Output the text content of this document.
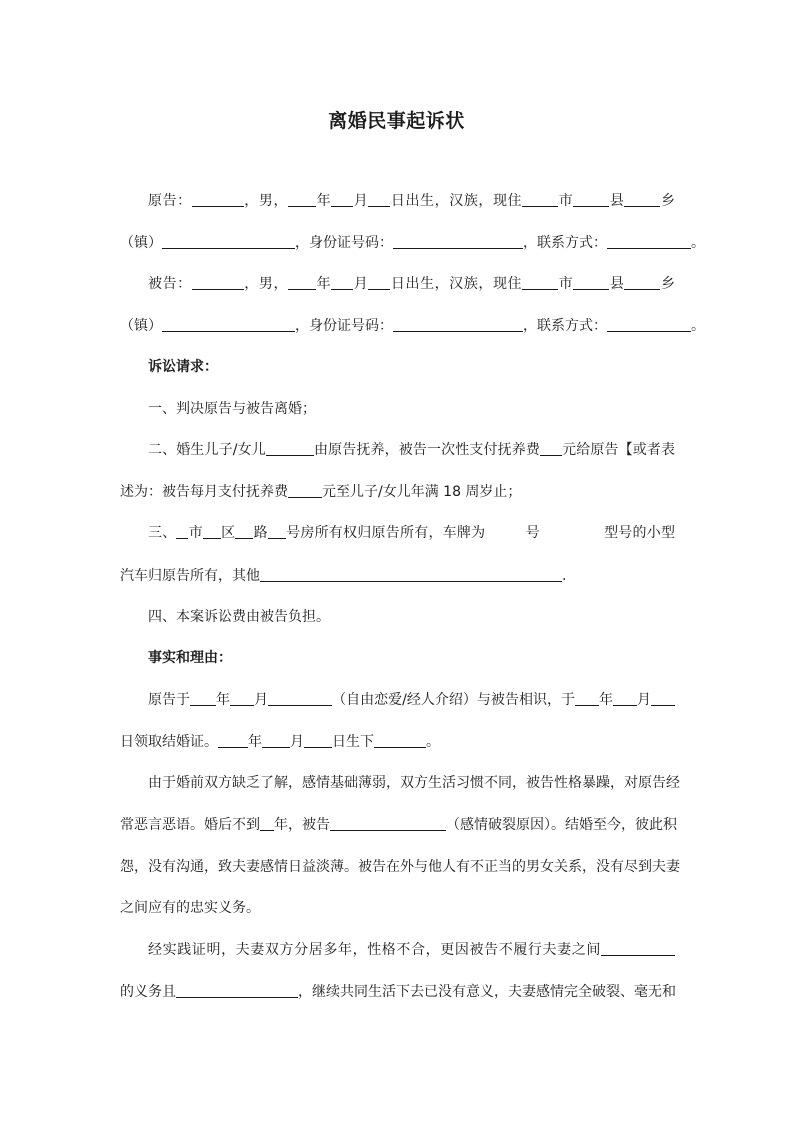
离婚民事起诉状

原告：	，男， 年 月 日出生，汉族，现住	市	县	乡

（镇）	，身份证号码：	，联系方式：	。

被告：	，男， 年 月 日出生，汉族，现住	市	县	乡

（镇）	，身份证号码：	，联系方式：	。

诉讼请求：

一、判决原告与被告离婚；

二、婚生儿子/女儿	由原告抚养，被告一次性支付抚养费 元给原告【或者表

述为：被告每月支付抚养费 元至儿子/女儿年满 18 周岁止；

三、 市 区 路 号房所有权归原告所有，车牌为	号	型号的小型

汽车归原告所有，其他	.

四、本案诉讼费由被告负担。

事实和理由：

原告于 年 月	（自由恋爱/经人介绍）与被告相识，于 年 月

日领取结婚证。 年 月 日生下	。

由于婚前双方缺乏了解，感情基础薄弱，双方生活习惯不同，被告性格暴躁，对原告经

常恶言恶语。婚后不到 年，被告	（感情破裂原因）。结婚至今，彼此积

怨，没有沟通，致夫妻感情日益淡薄。被告在外与他人有不正当的男女关系，没有尽到夫妻

之间应有的忠实义务。

经实践证明，夫妻双方分居多年，性格不合，更因被告不履行夫妻之间

的义务且	，继续共同生活下去已没有意义，夫妻感情完全破裂、毫无和
